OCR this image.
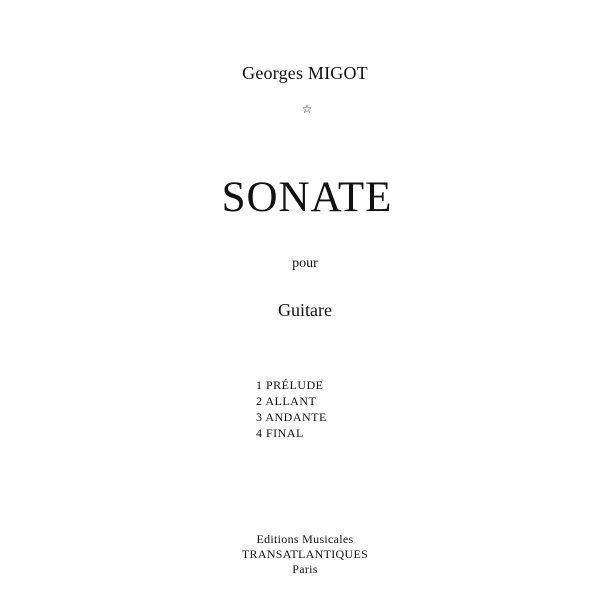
Georges MIGOT
☆
SONATE
pour
Guitare
1 PRÉLUDE
2 ALLANT
3 ANDANTE
4 FINAL
Editions Musicales
TRANSATLANTIQUES
Paris
